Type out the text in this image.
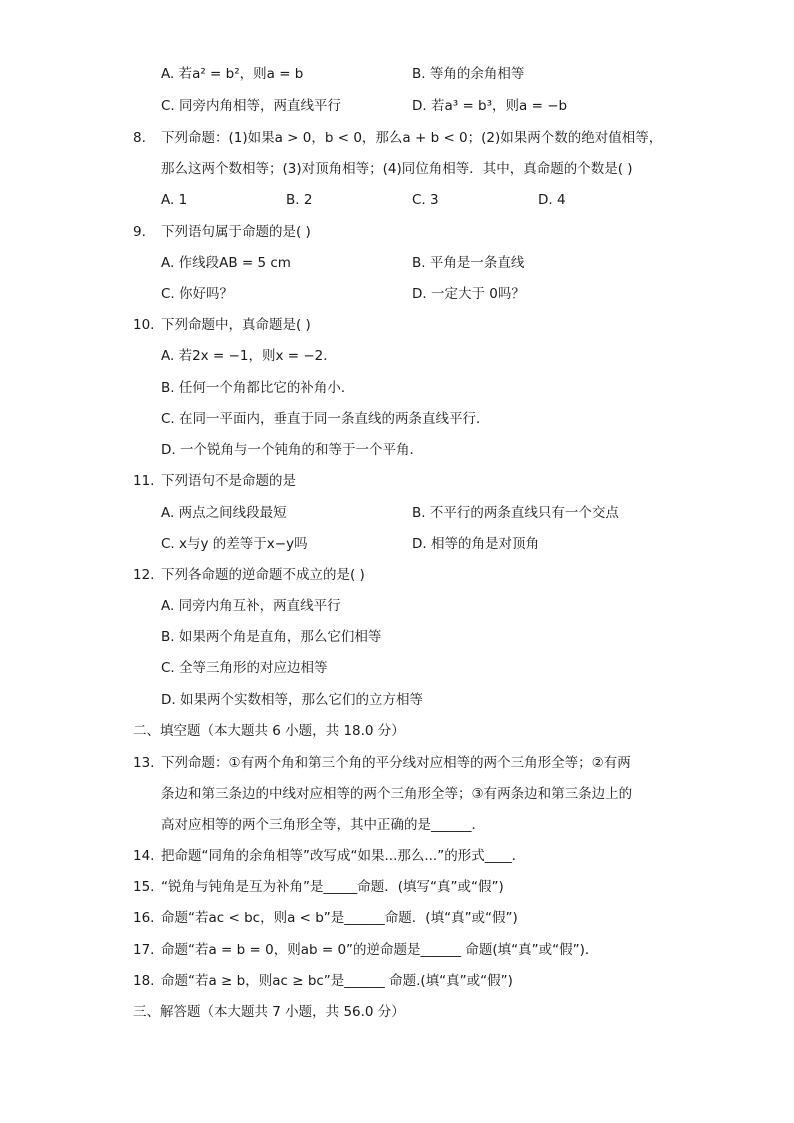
A. 若a² = b²，则a = b	B. 等角的余角相等
C. 同旁内角相等，两直线平行	D. 若a³ = b³，则a = −b
8. 下列命题：(1)如果a > 0，b < 0，那么a + b < 0；(2)如果两个数的绝对值相等，
那么这两个数相等；(3)对顶角相等；(4)同位角相等．其中，真命题的个数是( )
A. 1	B. 2	C. 3	D. 4
9. 下列语句属于命题的是( )
A. 作线段AB = 5 cm	B. 平角是一条直线
C. 你好吗？	D. 一定大于 0吗？
10. 下列命题中，真命题是( )
A. 若2x = −1，则x = −2．
B. 任何一个角都比它的补角小．
C. 在同一平面内，垂直于同一条直线的两条直线平行．
D. 一个锐角与一个钝角的和等于一个平角．
11. 下列语句不是命题的是
A. 两点之间线段最短	B. 不平行的两条直线只有一个交点
C. x与y 的差等于x−y吗	D. 相等的角是对顶角
12. 下列各命题的逆命题不成立的是( )
A. 同旁内角互补，两直线平行
B. 如果两个角是直角，那么它们相等
C. 全等三角形的对应边相等
D. 如果两个实数相等，那么它们的立方相等
二、填空题（本大题共 6 小题，共 18.0 分）
13. 下列命题：①有两个角和第三个角的平分线对应相等的两个三角形全等；②有两
条边和第三条边的中线对应相等的两个三角形全等；③有两条边和第三条边上的
高对应相等的两个三角形全等，其中正确的是______．
14. 把命题“同角的余角相等”改写成“如果...那么...”的形式____．
15. “锐角与钝角是互为补角”是_____命题．(填写“真”或“假”)
16. 命题“若ac < bc，则a < b”是______命题．(填“真”或“假”)
17. 命题“若a = b = 0，则ab = 0”的逆命题是______ 命题(填“真”或“假”)．
18. 命题“若a ≥ b，则ac ≥ bc”是______ 命题.(填“真”或“假”)
三、解答题（本大题共 7 小题，共 56.0 分）
